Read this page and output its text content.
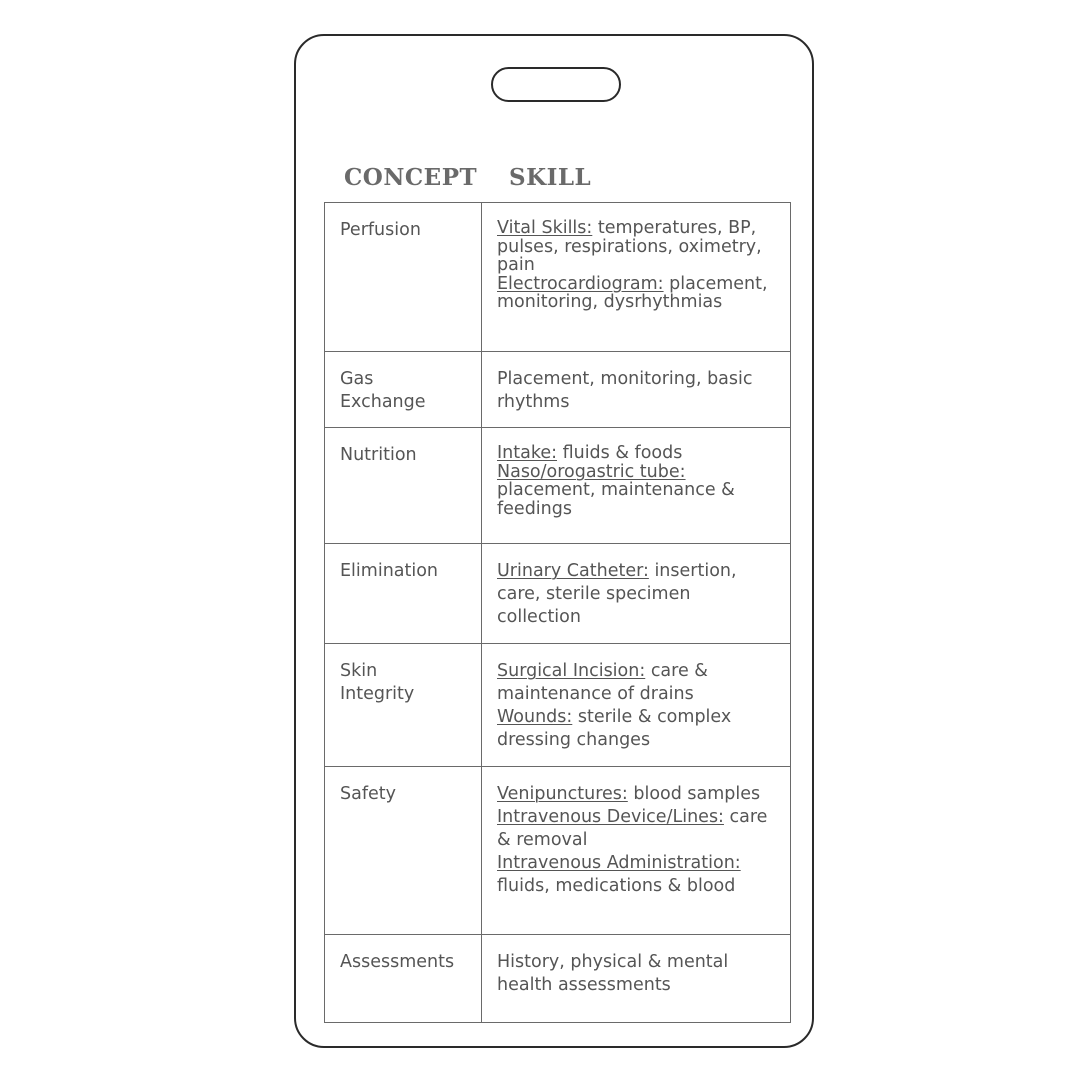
CONCEPT SKILL
Perfusion	Vital Skills: temperatures, BP, pulses, respirations, oximetry, pain
Electrocardiogram: placement, monitoring, dysrhythmias
Gas
Exchange	Placement, monitoring, basic rhythms
Nutrition	Intake: fluids & foods
Naso/orogastric tube: placement, maintenance & feedings
Elimination	Urinary Catheter: insertion, care, sterile specimen collection
Skin
Integrity	Surgical Incision: care & maintenance of drains
Wounds: sterile & complex dressing changes
Safety	Venipunctures: blood samples
Intravenous Device/Lines: care & removal
Intravenous Administration: fluids, medications & blood
Assessments	History, physical & mental health assessments
